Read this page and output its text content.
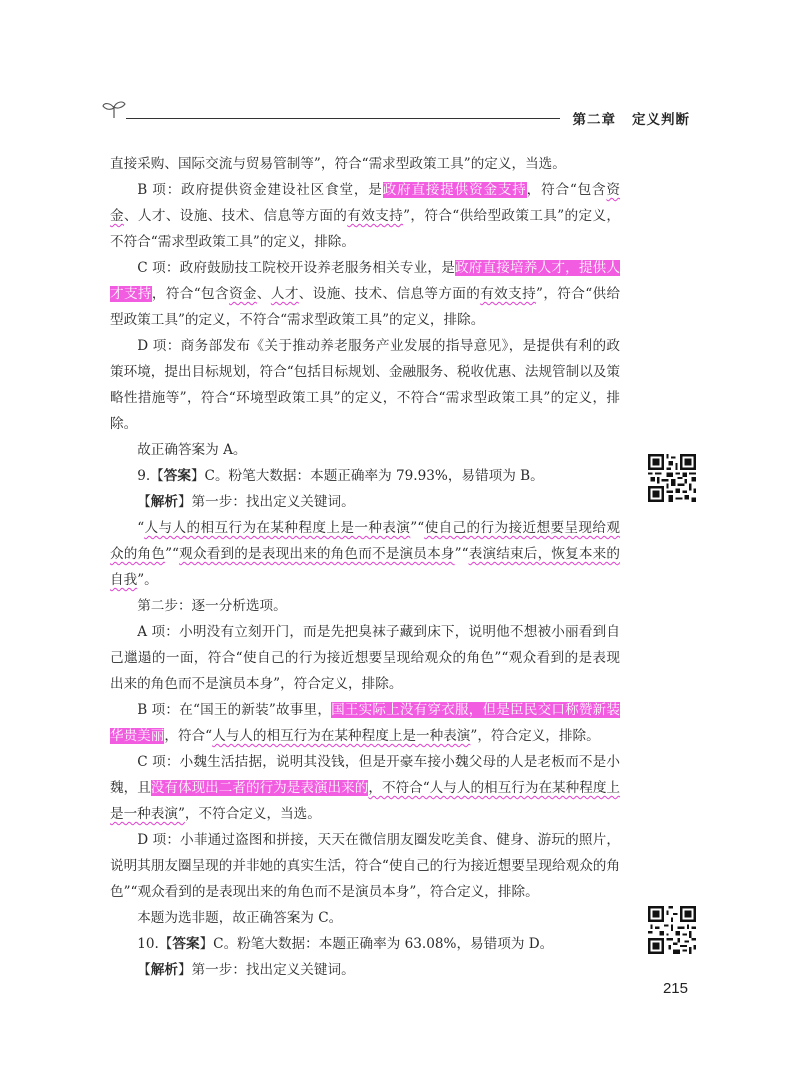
第二章 定义判断

直接采购、国际交流与贸易管制等”，符合“需求型政策工具”的定义，当选。

B 项：政府提供资金建设社区食堂，是政府直接提供资金支持，符合“包含资金、人才、设施、技术、信息等方面的有效支持”，符合“供给型政策工具”的定义，不符合“需求型政策工具”的定义，排除。

C 项：政府鼓励技工院校开设养老服务相关专业，是政府直接培养人才，提供人才支持，符合“包含资金、人才、设施、技术、信息等方面的有效支持”，符合“供给型政策工具”的定义，不符合“需求型政策工具”的定义，排除。

D 项：商务部发布《关于推动养老服务产业发展的指导意见》，是提供有利的政策环境，提出目标规划，符合“包括目标规划、金融服务、税收优惠、法规管制以及策略性措施等”，符合“环境型政策工具”的定义，不符合“需求型政策工具”的定义，排除。

故正确答案为 A。

9.【答案】C。粉笔大数据：本题正确率为 79.93%，易错项为 B。

【解析】第一步：找出定义关键词。

“人与人的相互行为在某种程度上是一种表演”“使自己的行为接近想要呈现给观众的角色”“观众看到的是表现出来的角色而不是演员本身”“表演结束后，恢复本来的自我”。

第二步：逐一分析选项。

A 项：小明没有立刻开门，而是先把臭袜子藏到床下，说明他不想被小丽看到自己邋遢的一面，符合“使自己的行为接近想要呈现给观众的角色”“观众看到的是表现出来的角色而不是演员本身”，符合定义，排除。

B 项：在“国王的新装”故事里，国王实际上没有穿衣服，但是臣民交口称赞新装华贵美丽，符合“人与人的相互行为在某种程度上是一种表演”，符合定义，排除。

C 项：小魏生活拮据，说明其没钱，但是开豪车接小魏父母的人是老板而不是小魏，且没有体现出二者的行为是表演出来的，不符合“人与人的相互行为在某种程度上是一种表演”，不符合定义，当选。

D 项：小菲通过盗图和拼接，天天在微信朋友圈发吃美食、健身、游玩的照片，说明其朋友圈呈现的并非她的真实生活，符合“使自己的行为接近想要呈现给观众的角色”“观众看到的是表现出来的角色而不是演员本身”，符合定义，排除。

本题为选非题，故正确答案为 C。

10.【答案】C。粉笔大数据：本题正确率为 63.08%，易错项为 D。

【解析】第一步：找出定义关键词。

215
